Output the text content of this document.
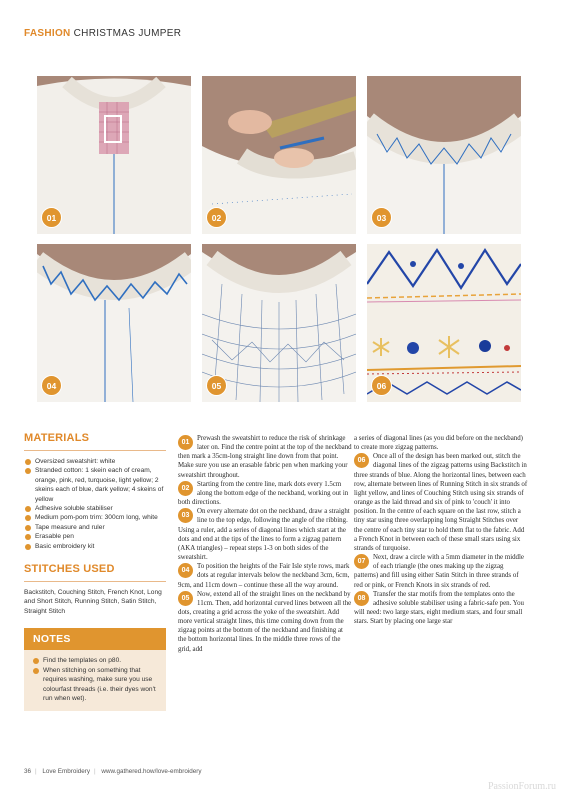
FASHION CHRISTMAS JUMPER
01	02	03
04	05	06
MATERIALS
Oversized sweatshirt: white
Stranded cotton: 1 skein each of cream, orange, pink, red, turquoise, light yellow; 2 skeins each of blue, dark yellow; 4 skeins of yellow
Adhesive soluble stabiliser
Medium pom-pom trim: 300cm long, white
Tape measure and ruler
Erasable pen
Basic embroidery kit
STITCHES USED
Backstitch, Couching Stitch, French Knot, Long and Short Stitch, Running Stitch, Satin Stitch, Straight Stitch
NOTES
Find the templates on p80.
When stitching on something that requires washing, make sure you use colourfast threads (i.e. their dyes won't run when wet).

01
Prewash the sweatshirt to reduce the risk of shrinkage later on. Find the centre point at the top of the neckband then mark a 35cm-long straight line down from that point. Make sure you use an erasable fabric pen when marking your sweatshirt throughout.

02
Starting from the centre line, mark dots every 1.5cm along the bottom edge of the neckband, working out in both directions.

03
On every alternate dot on the neckband, draw a straight line to the top edge, following the angle of the ribbing. Using a ruler, add a series of diagonal lines which start at the dots and end at the tips of the lines to form a zigzag pattern (AKA triangles) – repeat steps 1-3 on both sides of the sweatshirt.

04
To position the heights of the Fair Isle style rows, mark dots at regular intervals below the neckband 3cm, 6cm, 9cm, and 11cm down – continue these all the way around.

05
Now, extend all of the straight lines on the neckband by 11cm. Then, add horizontal curved lines between all the dots, creating a grid across the yoke of the sweatshirt. Add more vertical straight lines, this time coming down from the zigzag points at the bottom of the neckband and finishing at the bottom horizontal lines. In the middle three rows of the grid, add

a series of diagonal lines (as you did before on the neckband) to create more zigzag patterns.

06
Once all of the design has been marked out, stitch the diagonal lines of the zigzag patterns using Backstitch in three strands of blue. Along the horizontal lines, between each row, alternate between lines of Running Stitch in six strands of light yellow, and lines of Couching Stitch using six strands of orange as the laid thread and six of pink to 'couch' it into position. In the centre of each square on the last row, stitch a tiny star using three overlapping long Straight Stitches over the centre of each tiny star to hold them flat to the fabric. Add a French Knot in between each of these small stars using six strands of turquoise.

07
Next, draw a circle with a 5mm diameter in the middle of each triangle (the ones making up the zigzag patterns) and fill using either Satin Stitch in three strands of red or pink, or French Knots in six strands of red.

08
Transfer the star motifs from the templates onto the adhesive soluble stabiliser using a fabric-safe pen. You will need: two large stars, eight medium stars, and four small stars. Start by placing one large star

36 | Love Embroidery | www.gathered.how/love-embroidery
PassionForum.ru
